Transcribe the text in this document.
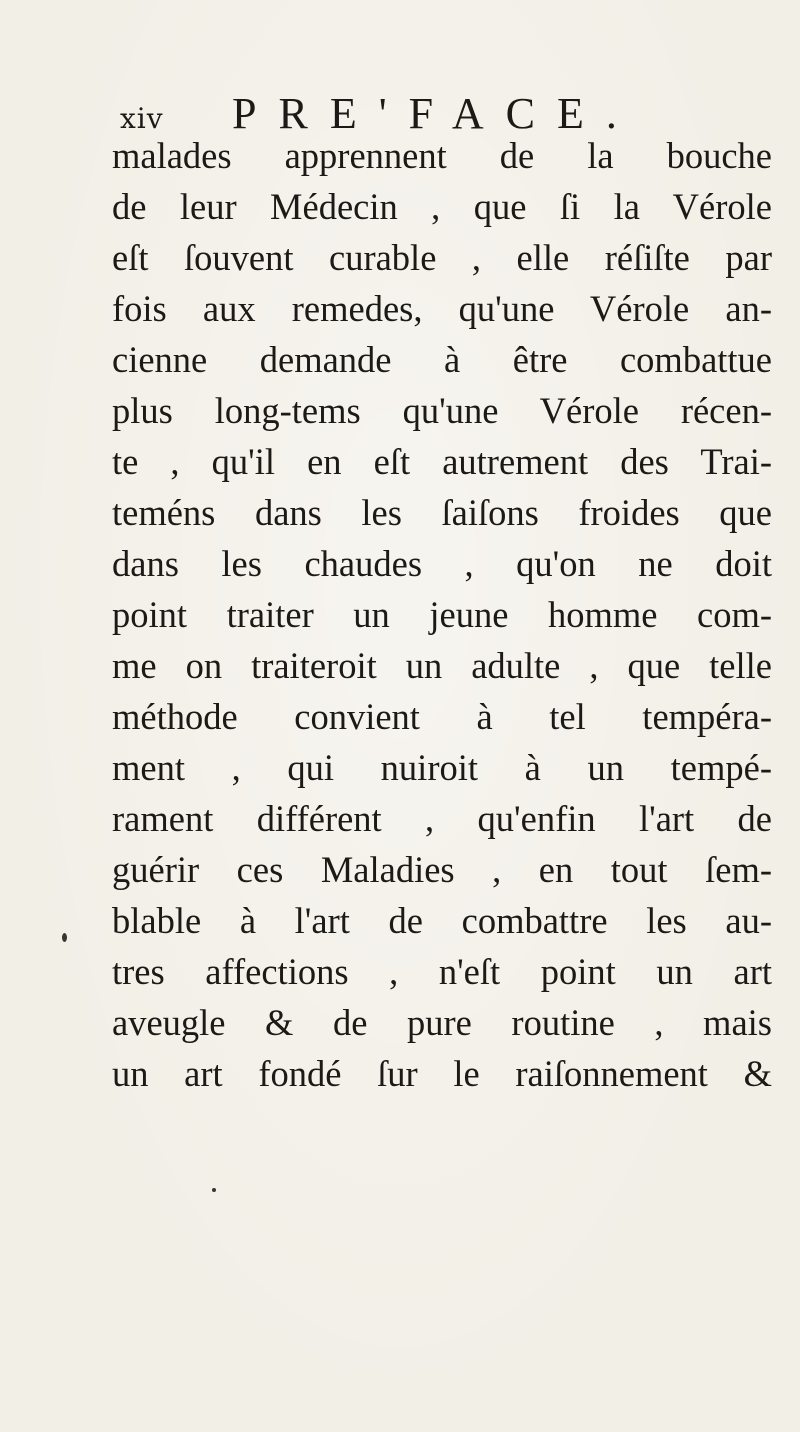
xiv PRE'FACE.
malades apprennent de la bouche
de leur Médecin , que ſi la Vérole
eſt ſouvent curable , elle réſiſte par
fois aux remedes, qu'une Vérole an-
cienne demande à être combattue
plus long-tems qu'une Vérole récen-
te , qu'il en eſt autrement des Trai-
teméns dans les ſaiſons froides que
dans les chaudes , qu'on ne doit
point traiter un jeune homme com-
me on traiteroit un adulte , que telle
méthode convient à tel tempéra-
ment , qui nuiroit à un tempé-
rament différent , qu'enfin l'art de
guérir ces Maladies , en tout ſem-
blable à l'art de combattre les au-
tres affections , n'eſt point un art
aveugle & de pure routine , mais
un art fondé ſur le raiſonnement &
